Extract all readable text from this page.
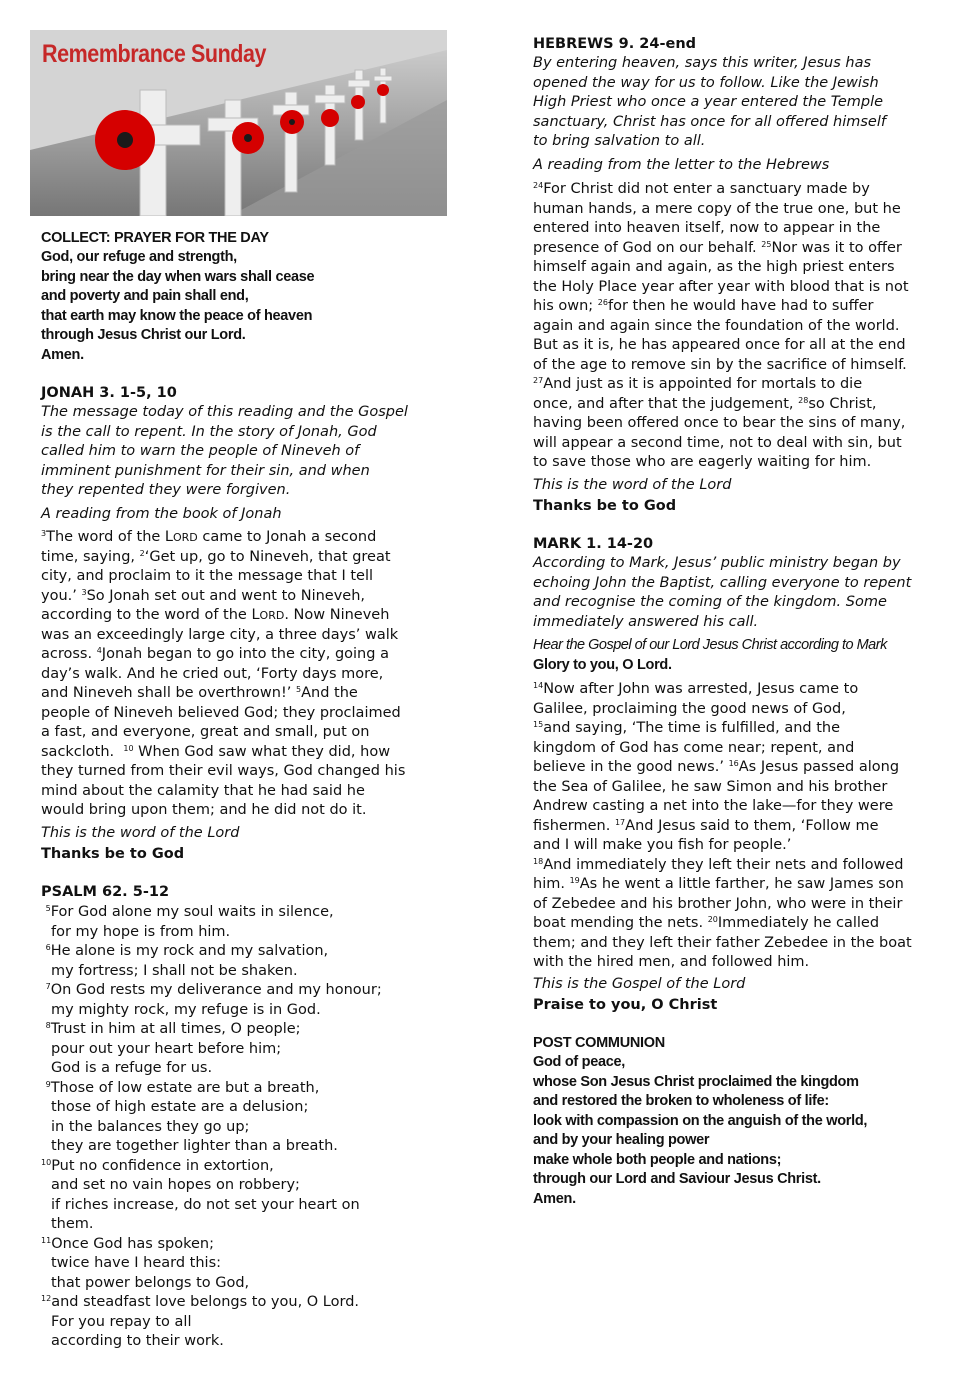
Remembrance Sunday
COLLECT: PRAYER FOR THE DAY
God, our refuge and strength,
bring near the day when wars shall cease
and poverty and pain shall end,
that earth may know the peace of heaven
through Jesus Christ our Lord.
Amen.
JONAH 3. 1-5, 10
The message today of this reading and the Gospel
is the call to repent. In the story of Jonah, God
called him to warn the people of Nineveh of
imminent punishment for their sin, and when
they repented they were forgiven.
A reading from the book of Jonah
$^3$The word of the LORD came to Jonah a second
time, saying, $^2$‘Get up, go to Nineveh, that great
city, and proclaim to it the message that I tell
you.’ $^3$So Jonah set out and went to Nineveh,
according to the word of the LORD. Now Nineveh
was an exceedingly large city, a three days’ walk
across. $^4$Jonah began to go into the city, going a
day’s walk. And he cried out, ‘Forty days more,
and Nineveh shall be overthrown!’ $^5$And the
people of Nineveh believed God; they proclaimed
a fast, and everyone, great and small, put on
sackcloth.  $^{10}$ When God saw what they did, how
they turned from their evil ways, God changed his
mind about the calamity that he had said he
would bring upon them; and he did not do it.
This is the word of the Lord
Thanks be to God
PSALM 62. 5-12
$^5$For God alone my soul waits in silence,
for my hope is from him.
$^6$He alone is my rock and my salvation,
my fortress; I shall not be shaken.
$^7$On God rests my deliverance and my honour;
my mighty rock, my refuge is in God.
$^8$Trust in him at all times, O people;
pour out your heart before him;
God is a refuge for us.
$^9$Those of low estate are but a breath,
those of high estate are a delusion;
in the balances they go up;
they are together lighter than a breath.
$^{10}$Put no confidence in extortion,
and set no vain hopes on robbery;
if riches increase, do not set your heart on
them.
$^{11}$Once God has spoken;
twice have I heard this:
that power belongs to God,
$^{12}$and steadfast love belongs to you, O Lord.
For you repay to all
according to their work.
HEBREWS 9. 24-end
By entering heaven, says this writer, Jesus has
opened the way for us to follow. Like the Jewish
High Priest who once a year entered the Temple
sanctuary, Christ has once for all offered himself
to bring salvation to all.
A reading from the letter to the Hebrews
$^{24}$For Christ did not enter a sanctuary made by
human hands, a mere copy of the true one, but he
entered into heaven itself, now to appear in the
presence of God on our behalf. $^{25}$Nor was it to offer
himself again and again, as the high priest enters
the Holy Place year after year with blood that is not
his own; $^{26}$for then he would have had to suffer
again and again since the foundation of the world.
But as it is, he has appeared once for all at the end
of the age to remove sin by the sacrifice of himself.
$^{27}$And just as it is appointed for mortals to die
once, and after that the judgement, $^{28}$so Christ,
having been offered once to bear the sins of many,
will appear a second time, not to deal with sin, but
to save those who are eagerly waiting for him.
This is the word of the Lord
Thanks be to God
MARK 1. 14-20
According to Mark, Jesus’ public ministry began by
echoing John the Baptist, calling everyone to repent
and recognise the coming of the kingdom. Some
immediately answered his call.
Hear the Gospel of our Lord Jesus Christ according to Mark
Glory to you, O Lord.
$^{14}$Now after John was arrested, Jesus came to
Galilee, proclaiming the good news of God,
$^{15}$and saying, ‘The time is fulfilled, and the
kingdom of God has come near; repent, and
believe in the good news.’ $^{16}$As Jesus passed along
the Sea of Galilee, he saw Simon and his brother
Andrew casting a net into the lake—for they were
fishermen. $^{17}$And Jesus said to them, ‘Follow me
and I will make you fish for people.’
$^{18}$And immediately they left their nets and followed
him. $^{19}$As he went a little farther, he saw James son
of Zebedee and his brother John, who were in their
boat mending the nets. $^{20}$Immediately he called
them; and they left their father Zebedee in the boat
with the hired men, and followed him.
This is the Gospel of the Lord
Praise to you, O Christ
POST COMMUNION
God of peace,
whose Son Jesus Christ proclaimed the kingdom
and restored the broken to wholeness of life:
look with compassion on the anguish of the world,
and by your healing power
make whole both people and nations;
through our Lord and Saviour Jesus Christ.
Amen.
